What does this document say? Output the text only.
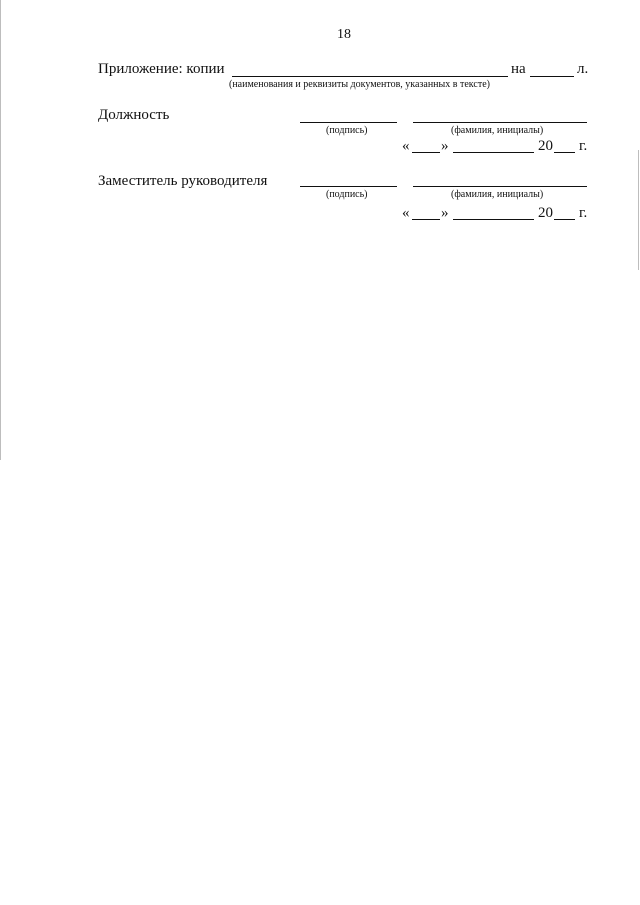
18
Приложение: копии	на	л.
(наименования и реквизиты документов, указанных в тексте)
Должность
(подпись)	(фамилия, инициалы)
« »	20 г.
Заместитель руководителя
(подпись)	(фамилия, инициалы)
« »	20 г.
